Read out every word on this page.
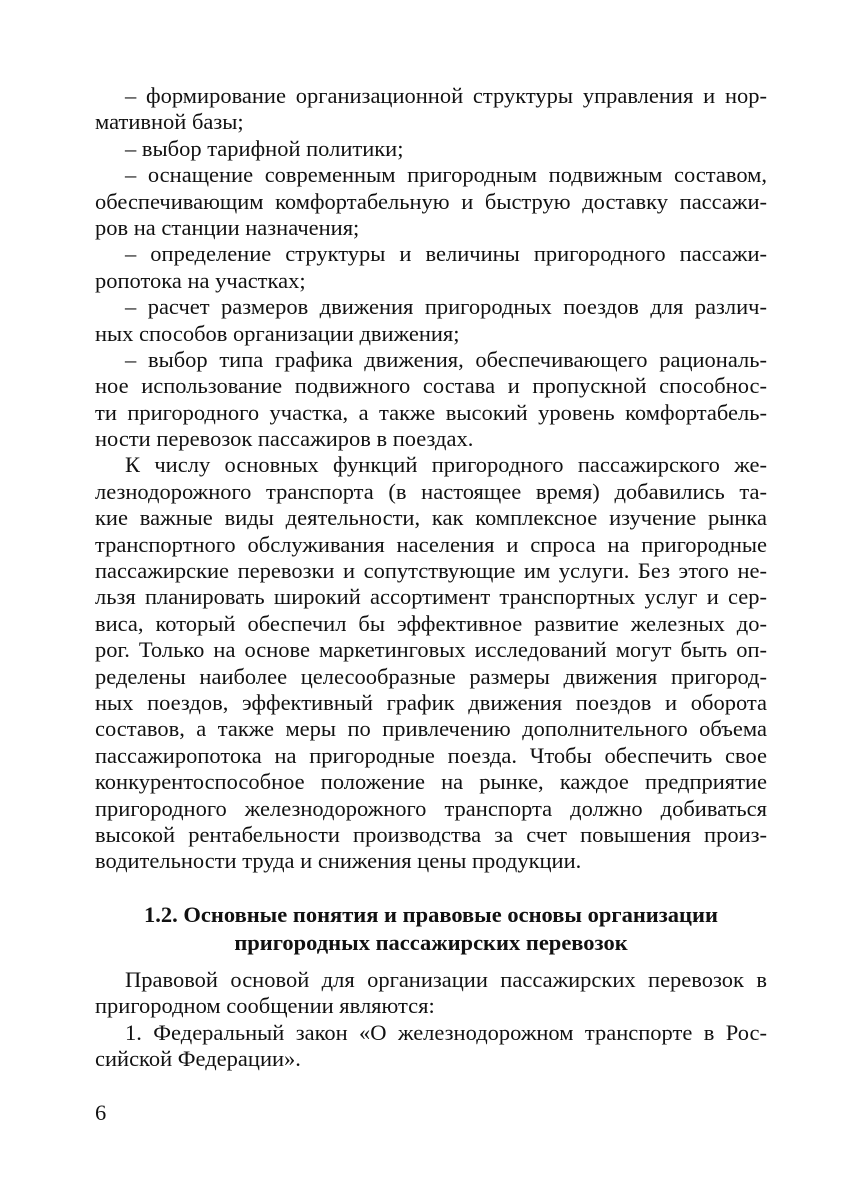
– формирование организационной структуры управления и нор-
мативной базы;
– выбор тарифной политики;
– оснащение современным пригородным подвижным составом,
обеспечивающим комфортабельную и быструю доставку пассажи-
ров на станции назначения;
– определение структуры и величины пригородного пассажи-
ропотока на участках;
– расчет размеров движения пригородных поездов для различ-
ных способов организации движения;
– выбор типа графика движения, обеспечивающего рациональ-
ное использование подвижного состава и пропускной способнос-
ти пригородного участка, а также высокий уровень комфортабель-
ности перевозок пассажиров в поездах.
К числу основных функций пригородного пассажирского же-
лезнодорожного транспорта (в настоящее время) добавились та-
кие важные виды деятельности, как комплексное изучение рынка
транспортного обслуживания населения и спроса на пригородные
пассажирские перевозки и сопутствующие им услуги. Без этого не-
льзя планировать широкий ассортимент транспортных услуг и сер-
виса, который обеспечил бы эффективное развитие железных до-
рог. Только на основе маркетинговых исследований могут быть оп-
ределены наиболее целесообразные размеры движения пригород-
ных поездов, эффективный график движения поездов и оборота
составов, а также меры по привлечению дополнительного объема
пассажиропотока на пригородные поезда. Чтобы обеспечить свое
конкурентоспособное положение на рынке, каждое предприятие
пригородного железнодорожного транспорта должно добиваться
высокой рентабельности производства за счет повышения произ-
водительности труда и снижения цены продукции.
1.2. Основные понятия и правовые основы организации
пригородных пассажирских перевозок
Правовой основой для организации пассажирских перевозок в
пригородном сообщении являются:
1. Федеральный закон «О железнодорожном транспорте в Рос-
сийской Федерации».
6
